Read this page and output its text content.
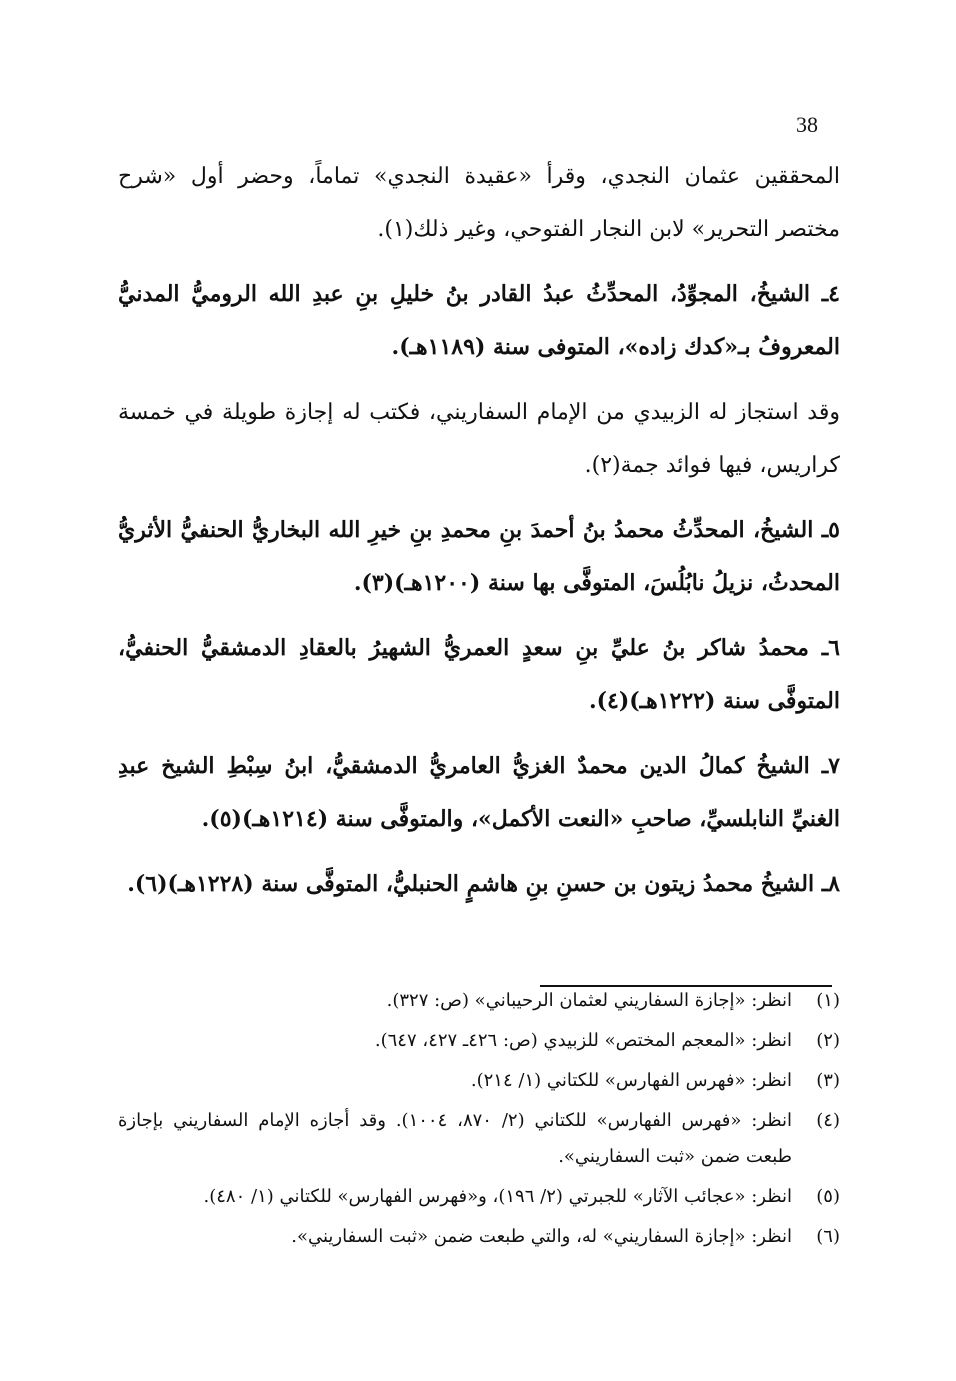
38

المحققين عثمان النجدي، وقرأ «عقيدة النجدي» تماماً، وحضر أول «شرح مختصر التحرير» لابن النجار الفتوحي، وغير ذلك(١).

٤ـ الشيخُ، المجوِّدُ، المحدِّثُ عبدُ القادر بنُ خليلِ بنِ عبدِ الله الروميُّ المدنيُّ المعروفُ بـ«كدك زاده»، المتوفى سنة (١١٨٩هـ).

وقد استجاز له الزبيدي من الإمام السفاريني، فكتب له إجازة طويلة في خمسة كراريس، فيها فوائد جمة(٢).

٥ـ الشيخُ، المحدِّثُ محمدُ بنُ أحمدَ بنِ محمدِ بنِ خيرِ الله البخاريُّ الحنفيُّ الأثريُّ المحدثُ، نزيلُ نابُلُسَ، المتوفَّى بها سنة (١٢٠٠هـ)(٣).

٦ـ محمدُ شاكر بنُ عليِّ بنِ سعدٍ العمريُّ الشهيرُ بالعقادِ الدمشقيُّ الحنفيُّ، المتوفَّى سنة (١٢٢٢هـ)(٤).

٧ـ الشيخُ كمالُ الدين محمدٌ الغزيُّ العامريُّ الدمشقيُّ، ابنُ سِبْطِ الشيخ عبدِ الغنيِّ النابلسيِّ، صاحبِ «النعت الأكمل»، والمتوفَّى سنة (١٢١٤هـ)(٥).

٨ـ الشيخُ محمدُ زيتون بن حسنِ بنِ هاشمٍ الحنبليُّ، المتوفَّى سنة (١٢٢٨هـ)(٦).

(١)
انظر: «إجازة السفاريني لعثمان الرحيباني» (ص: ٣٢٧).
(٢)
انظر: «المعجم المختص» للزبيدي (ص: ٤٢٦ـ ٤٢٧، ٦٤٧).
(٣)
انظر: «فهرس الفهارس» للكتاني (١/ ٢١٤).
(٤)
انظر: «فهرس الفهارس» للكتاني (٢/ ٨٧٠، ١٠٠٤). وقد أجازه الإمام السفاريني بإجازة طبعت ضمن «ثبت السفاريني».
(٥)
انظر: «عجائب الآثار» للجبرتي (٢/ ١٩٦)، و«فهرس الفهارس» للكتاني (١/ ٤٨٠).
(٦)
انظر: «إجازة السفاريني» له، والتي طبعت ضمن «ثبت السفاريني».
